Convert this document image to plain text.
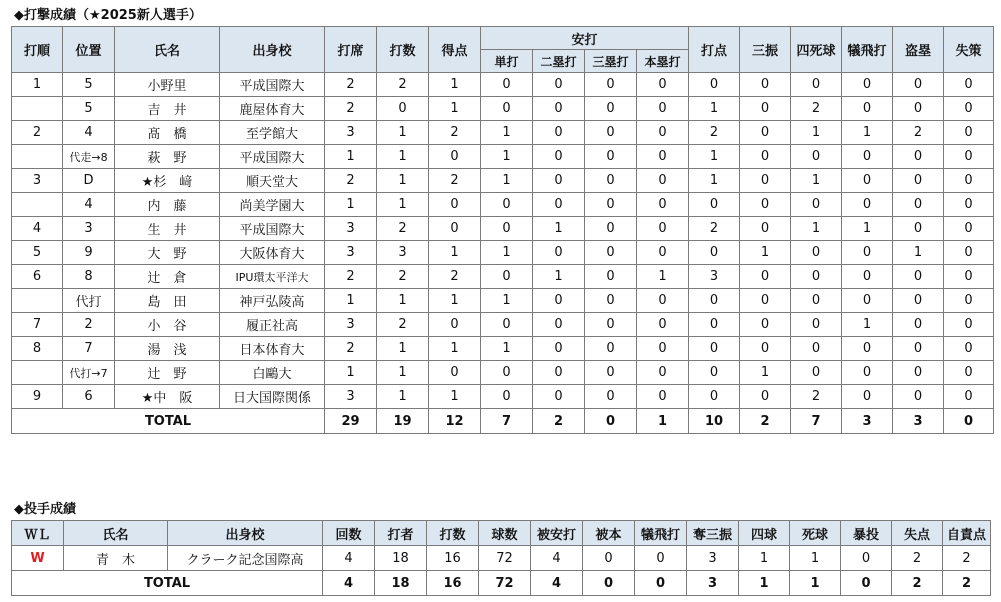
◆打撃成績（★2025新人選手）
打順	位置	氏名	出身校	打席	打数	得点	安打				打点	三振	四死球	犠飛打	盗塁	失策
							単打	二塁打	三塁打	本塁打						
1	5	小野里	平成国際大	2	2	1	0	0	0	0	0	0	0	0	0	0
	5	吉　井	鹿屋体育大	2	0	1	0	0	0	0	1	0	2	0	0	0
2	4	髙　橋	至学館大	3	1	2	1	0	0	0	2	0	1	1	2	0
	代走→8	萩　野	平成国際大	1	1	0	1	0	0	0	1	0	0	0	0	0
3	D	★杉　﨑	順天堂大	2	1	2	1	0	0	0	1	0	1	0	0	0
	4	内　藤	尚美学園大	1	1	0	0	0	0	0	0	0	0	0	0	0
4	3	生　井	平成国際大	3	2	0	0	1	0	0	2	0	1	1	0	0
5	9	大　野	大阪体育大	3	3	1	1	0	0	0	0	1	0	0	1	0
6	8	辻　倉	IPU環太平洋大	2	2	2	0	1	0	1	3	0	0	0	0	0
	代打	島　田	神戸弘陵高	1	1	1	1	0	0	0	0	0	0	0	0	0
7	2	小　谷	履正社高	3	2	0	0	0	0	0	0	0	0	1	0	0
8	7	湯　浅	日本体育大	2	1	1	1	0	0	0	0	0	0	0	0	0
	代打→7	辻　野	白鷗大	1	1	0	0	0	0	0	0	1	0	0	0	0
9	6	★中　阪	日大国際関係	3	1	1	0	0	0	0	0	0	2	0	0	0
TOTAL				29	19	12	7	2	0	1	10	2	7	3	3	0
◆投手成績
ＷＬ	氏名	出身校	回数	打者	打数	球数	被安打	被本	犠飛打	奪三振	四球	死球	暴投	失点	自責点
W	青　木	クラーク記念国際高	4	18	16	72	4	0	0	3	1	1	0	2	2
TOTAL			4	18	16	72	4	0	0	3	1	1	0	2	2
